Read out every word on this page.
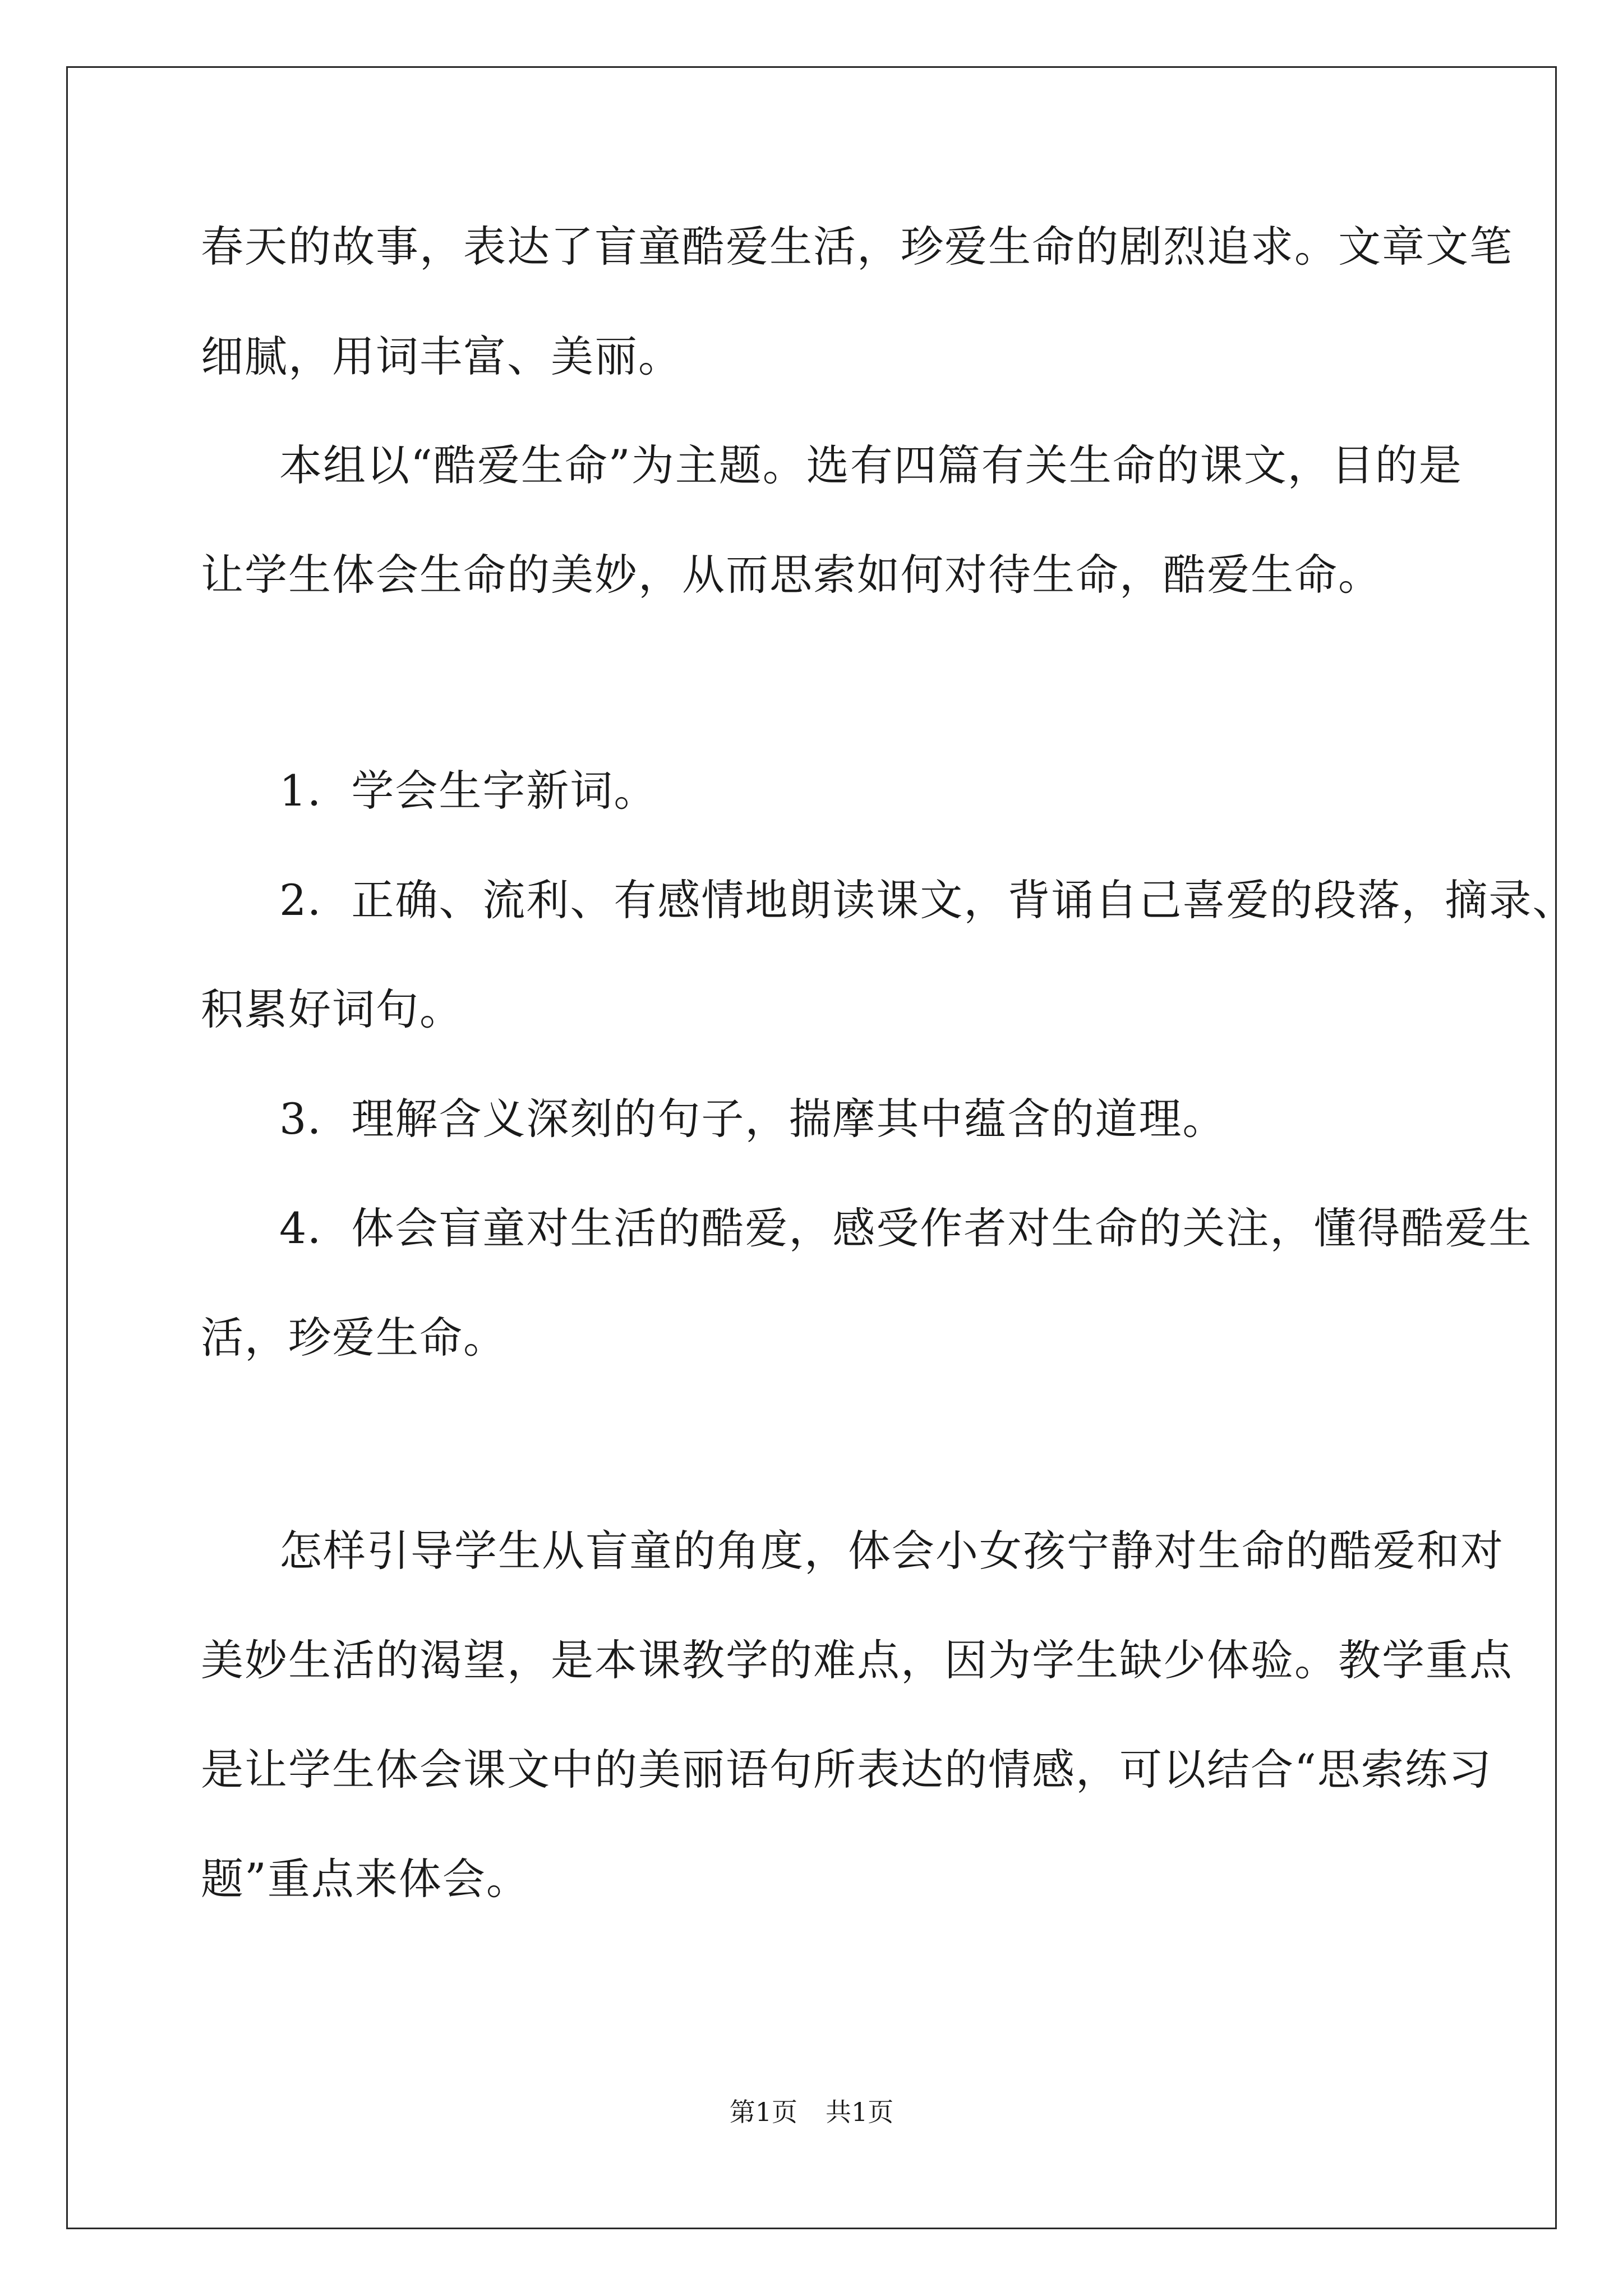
春天的故事，表达了盲童酷爱生活，珍爱生命的剧烈追求。文章文笔
细腻，用词丰富、美丽。
本组以“酷爱生命”为主题。选有四篇有关生命的课文，目的是
让学生体会生命的美妙，从而思索如何对待生命，酷爱生命。
1．学会生字新词。
2．正确、流利、有感情地朗读课文，背诵自己喜爱的段落，摘录、
积累好词句。
3．理解含义深刻的句子，揣摩其中蕴含的道理。
4．体会盲童对生活的酷爱，感受作者对生命的关注，懂得酷爱生
活，珍爱生命。
怎样引导学生从盲童的角度，体会小女孩宁静对生命的酷爱和对
美妙生活的渴望，是本课教学的难点，因为学生缺少体验。教学重点
是让学生体会课文中的美丽语句所表达的情感，可以结合“思索练习
题”重点来体会。
第1页 共1页
